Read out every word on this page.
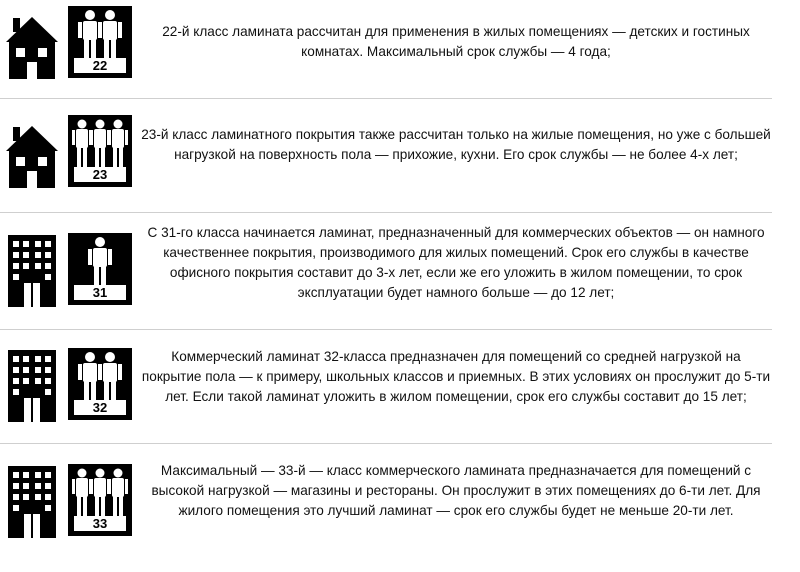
22
22-й класс ламината рассчитан для применения в жилых помещениях — детских и гостиных комнатах. Максимальный срок службы — 4 года;
23
23-й класс ламинатного покрытия также рассчитан только на жилые помещения, но уже с большей нагрузкой на поверхность пола — прихожие, кухни. Его срок службы — не более 4-х лет;
31
С 31-го класса начинается ламинат, предназначенный для коммерческих объектов — он намного качественнее покрытия, производимого для жилых помещений. Срок его службы в качестве офисного покрытия составит до 3-х лет, если же его уложить в жилом помещении, то срок эксплуатации будет намного больше — до 12 лет;
32
Коммерческий ламинат 32-класса предназначен для помещений со средней нагрузкой на покрытие пола — к примеру, школьных классов и приемных. В этих условиях он прослужит до 5-ти лет. Если такой ламинат уложить в жилом помещении, срок его службы составит до 15 лет;
33
Максимальный — 33-й — класс коммерческого ламината предназначается для помещений с высокой нагрузкой — магазины и рестораны. Он прослужит в этих помещениях до 6-ти лет. Для жилого помещения это лучший ламинат — срок его службы будет не меньше 20-ти лет.
